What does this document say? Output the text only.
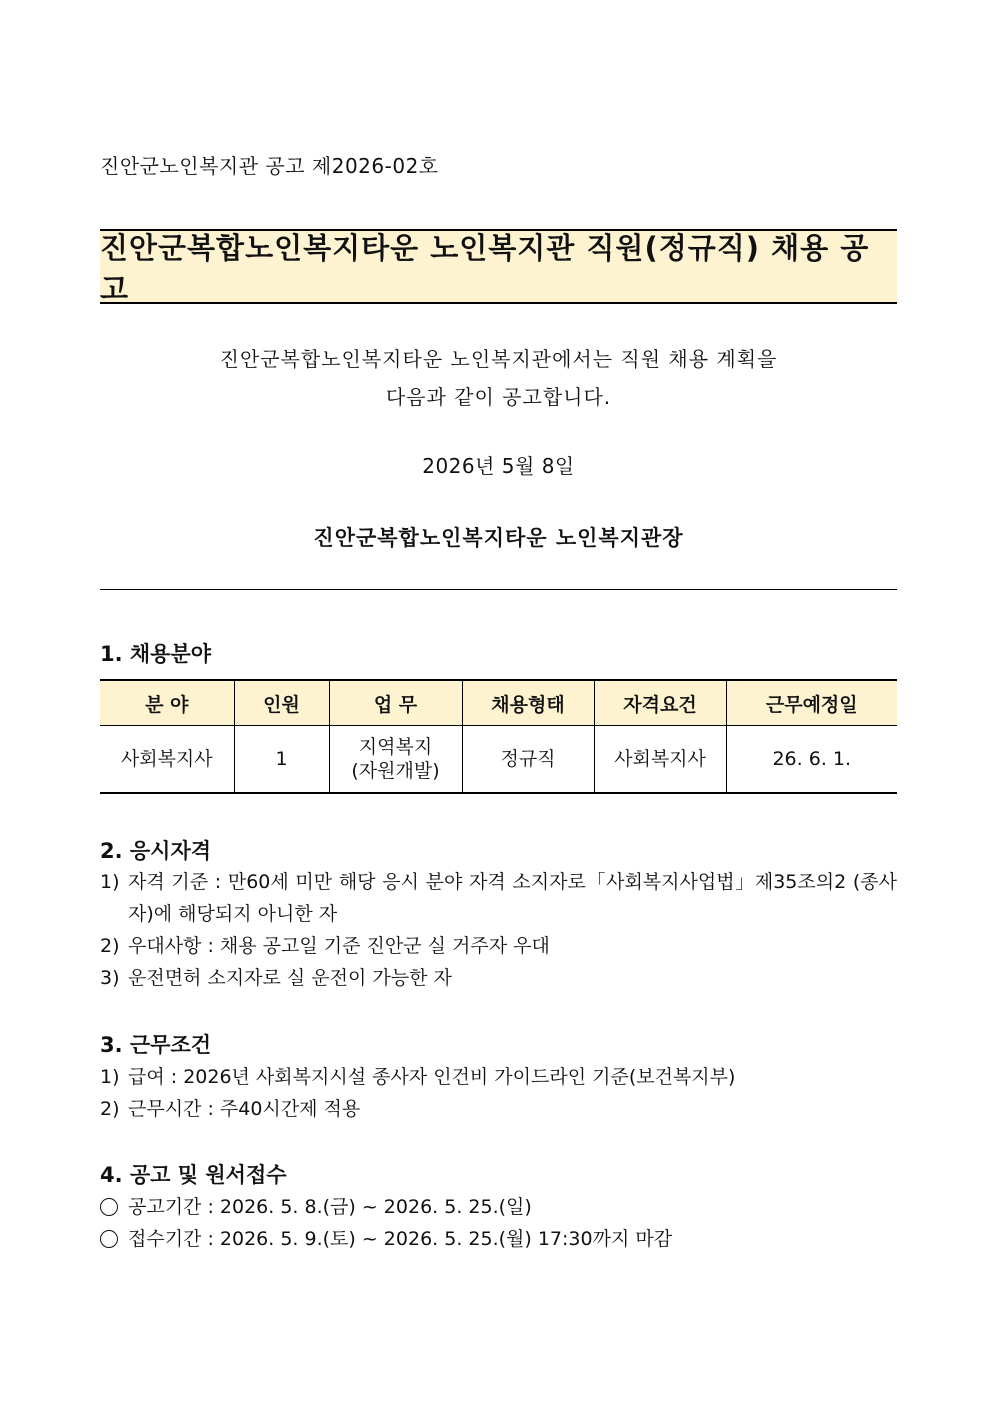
진안군노인복지관 공고 제2026-02호
진안군복합노인복지타운 노인복지관 직원(정규직) 채용 공고
진안군복합노인복지타운 노인복지관에서는 직원 채용 계획을
다음과 같이 공고합니다.
2026년 5월 8일
진안군복합노인복지타운 노인복지관장
1. 채용분야
분 야	인원	업 무	채용형태	자격요건	근무예정일
사회복지사	1	지역복지
(자원개발)	정규직	사회복지사	26. 6. 1.
2. 응시자격
1) 자격 기준 : 만60세 미만 해당 응시 분야 자격 소지자로「사회복지사업법」제35조의2 (종사자)에 해당되지 아니한 자
2) 우대사항 : 채용 공고일 기준 진안군 실 거주자 우대
3) 운전면허 소지자로 실 운전이 가능한 자
3. 근무조건
1) 급여 : 2026년 사회복지시설 종사자 인건비 가이드라인 기준(보건복지부)
2) 근무시간 : 주40시간제 적용
4. 공고 및 원서접수
공고기간 : 2026. 5. 8.(금) ~ 2026. 5. 25.(일)
접수기간 : 2026. 5. 9.(토) ~ 2026. 5. 25.(월) 17:30까지 마감
